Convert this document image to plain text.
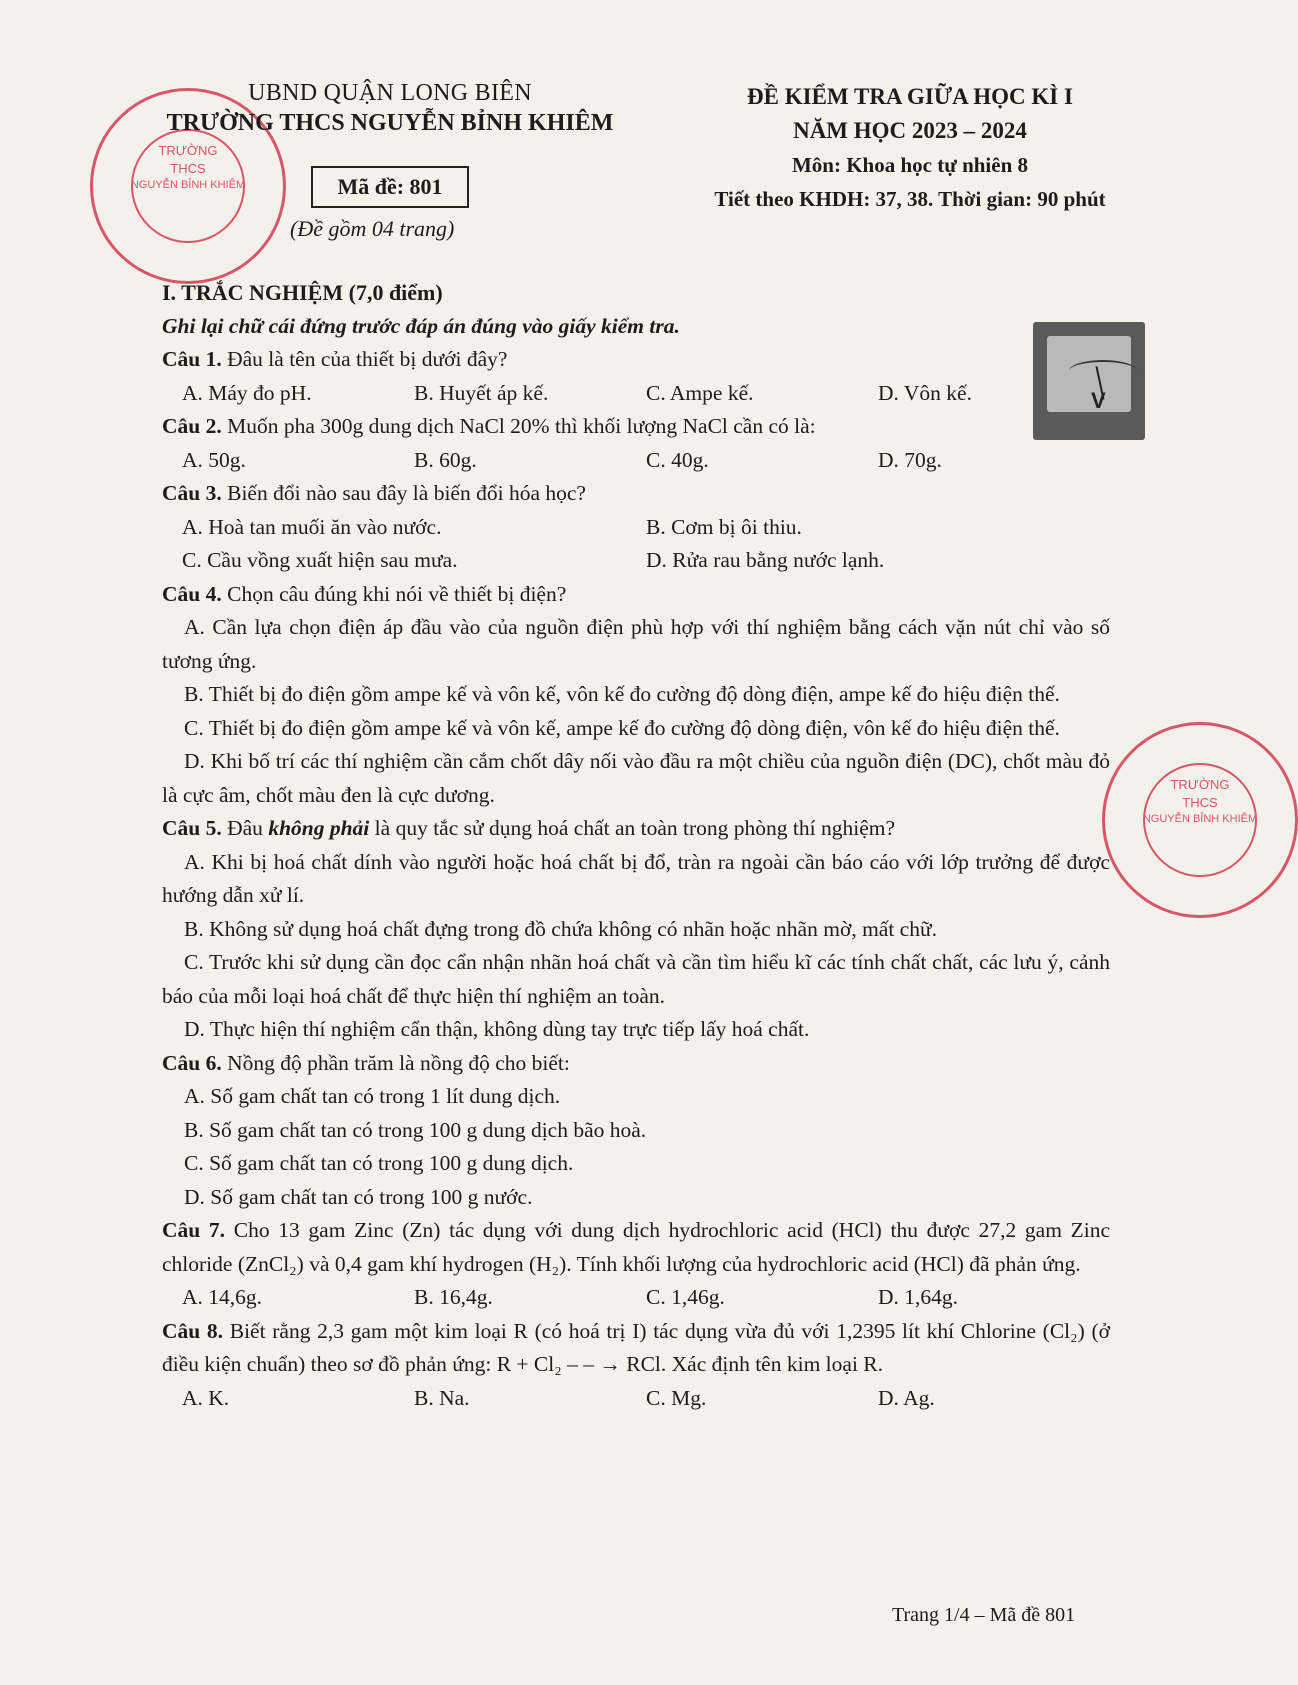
TRƯỜNG
THCS
NGUYỄN BỈNH KHIÊM
UBND QUẬN LONG BIÊN
TRƯỜNG THCS NGUYỄN BỈNH KHIÊM
Mã đề: 801
(Đề gồm 04 trang)
ĐỀ KIỂM TRA GIỮA HỌC KÌ I
NĂM HỌC 2023 – 2024
Môn: Khoa học tự nhiên 8
Tiết theo KHDH: 37, 38. Thời gian: 90 phút
V
I. TRẮC NGHIỆM (7,0 điểm)
Ghi lại chữ cái đứng trước đáp án đúng vào giấy kiểm tra.
Câu 1. Đâu là tên của thiết bị dưới đây?
A. Máy đo pH.	B. Huyết áp kế.	C. Ampe kế.	D. Vôn kế.
Câu 2. Muốn pha 300g dung dịch NaCl 20% thì khối lượng NaCl cần có là:
A. 50g.	B. 60g.	C. 40g.	D. 70g.
Câu 3. Biến đổi nào sau đây là biến đổi hóa học?
A. Hoà tan muối ăn vào nước.	B. Cơm bị ôi thiu.
C. Cầu vồng xuất hiện sau mưa.	D. Rửa rau bằng nước lạnh.
Câu 4. Chọn câu đúng khi nói về thiết bị điện?
A. Cần lựa chọn điện áp đầu vào của nguồn điện phù hợp với thí nghiệm bằng cách vặn nút chỉ vào số tương ứng.
B. Thiết bị đo điện gồm ampe kế và vôn kế, vôn kế đo cường độ dòng điện, ampe kế đo hiệu điện thế.
C. Thiết bị đo điện gồm ampe kế và vôn kế, ampe kế đo cường độ dòng điện, vôn kế đo hiệu điện thế.
D. Khi bố trí các thí nghiệm cần cắm chốt dây nối vào đầu ra một chiều của nguồn điện (DC), chốt màu đỏ là cực âm, chốt màu đen là cực dương.
Câu 5. Đâu không phải là quy tắc sử dụng hoá chất an toàn trong phòng thí nghiệm?
A. Khi bị hoá chất dính vào người hoặc hoá chất bị đổ, tràn ra ngoài cần báo cáo với lớp trưởng để được hướng dẫn xử lí.
B. Không sử dụng hoá chất đựng trong đồ chứa không có nhãn hoặc nhãn mờ, mất chữ.
C. Trước khi sử dụng cần đọc cẩn nhận nhãn hoá chất và cần tìm hiểu kĩ các tính chất chất, các lưu ý, cảnh báo của mỗi loại hoá chất để thực hiện thí nghiệm an toàn.
D. Thực hiện thí nghiệm cẩn thận, không dùng tay trực tiếp lấy hoá chất.
Câu 6. Nồng độ phần trăm là nồng độ cho biết:
A. Số gam chất tan có trong 1 lít dung dịch.
B. Số gam chất tan có trong 100 g dung dịch bão hoà.
C. Số gam chất tan có trong 100 g dung dịch.
D. Số gam chất tan có trong 100 g nước.
Câu 7. Cho 13 gam Zinc (Zn) tác dụng với dung dịch hydrochloric acid (HCl) thu được 27,2 gam Zinc chloride (ZnCl₂) và 0,4 gam khí hydrogen (H₂). Tính khối lượng của hydrochloric acid (HCl) đã phản ứng.
A. 14,6g.	B. 16,4g.	C. 1,46g.	D. 1,64g.
Câu 8. Biết rằng 2,3 gam một kim loại R (có hoá trị I) tác dụng vừa đủ với 1,2395 lít khí Chlorine (Cl₂) (ở điều kiện chuẩn) theo sơ đồ phản ứng: R + Cl₂ – – → RCl. Xác định tên kim loại R.
A. K.	B. Na.	C. Mg.	D. Ag.
TRƯỜNG
THCS
NGUYỄN BỈNH KHIÊM
Trang 1/4 – Mã đề 801
